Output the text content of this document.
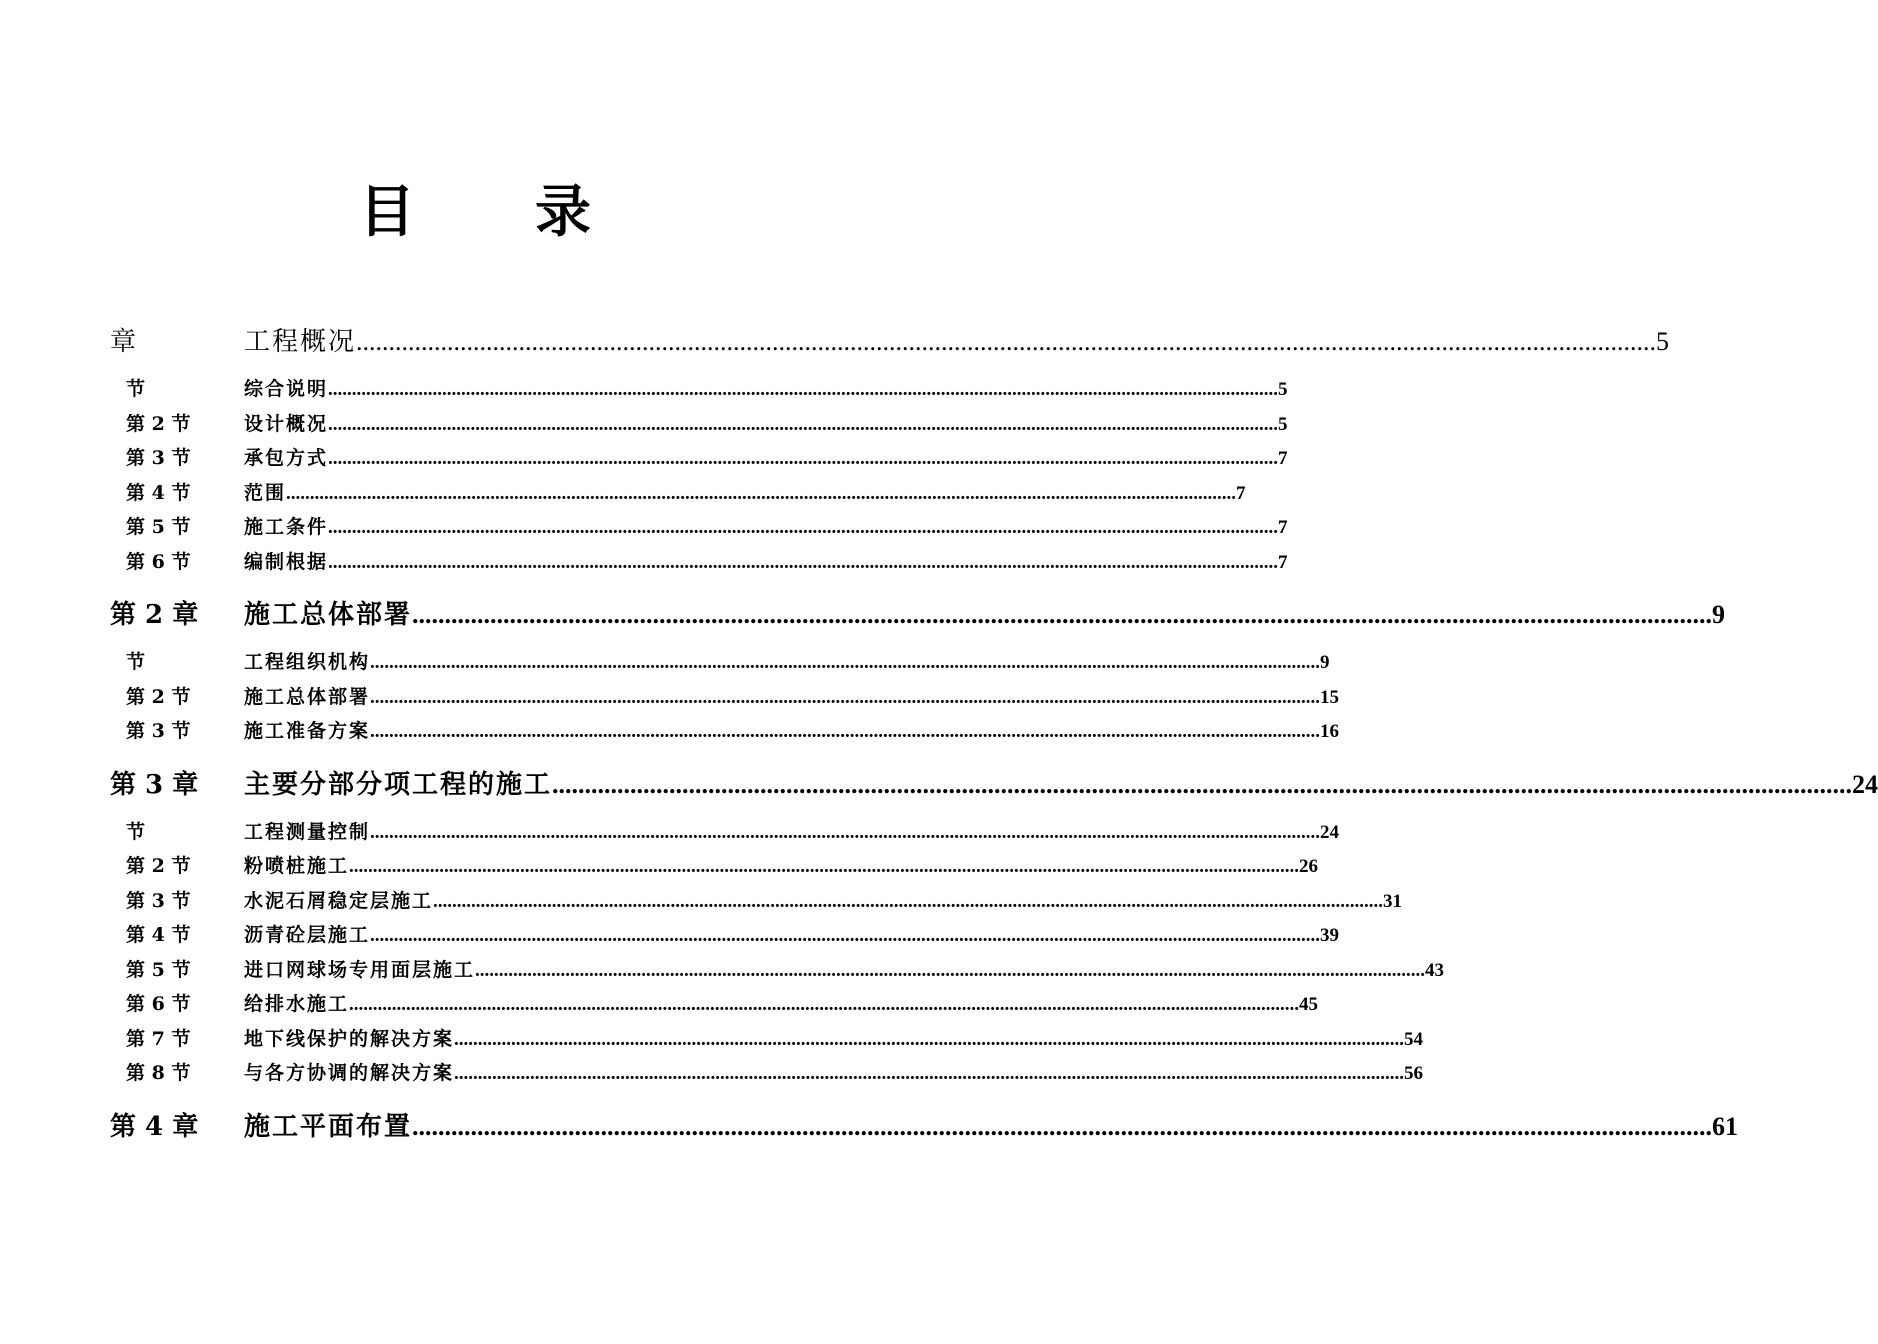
目 录
章	工程概况 ........................................................................................................................................................................................................ 5
节	综合说明 ........................................................................................................................................................................................................ 5
第 2 节	设计概况 ........................................................................................................................................................................................................ 5
第 3 节	承包方式 ........................................................................................................................................................................................................ 7
第 4 节	范围 ........................................................................................................................................................................................................ 7
第 5 节	施工条件 ........................................................................................................................................................................................................ 7
第 6 节	编制根据 ........................................................................................................................................................................................................ 7
第 2 章	施工总体部署 ........................................................................................................................................................................................................ 9
节	工程组织机构 ........................................................................................................................................................................................................ 9
第 2 节	施工总体部署 ........................................................................................................................................................................................................ 15
第 3 节	施工准备方案 ........................................................................................................................................................................................................ 16
第 3 章	主要分部分项工程的施工 ........................................................................................................................................................................................................ 24
节	工程测量控制 ........................................................................................................................................................................................................ 24
第 2 节	粉喷桩施工 ........................................................................................................................................................................................................ 26
第 3 节	水泥石屑稳定层施工 ........................................................................................................................................................................................................ 31
第 4 节	沥青砼层施工 ........................................................................................................................................................................................................ 39
第 5 节	进口网球场专用面层施工 ........................................................................................................................................................................................................ 43
第 6 节	给排水施工 ........................................................................................................................................................................................................ 45
第 7 节	地下线保护的解决方案 ........................................................................................................................................................................................................ 54
第 8 节	与各方协调的解决方案 ........................................................................................................................................................................................................ 56
第 4 章	施工平面布置 ........................................................................................................................................................................................................ 61
